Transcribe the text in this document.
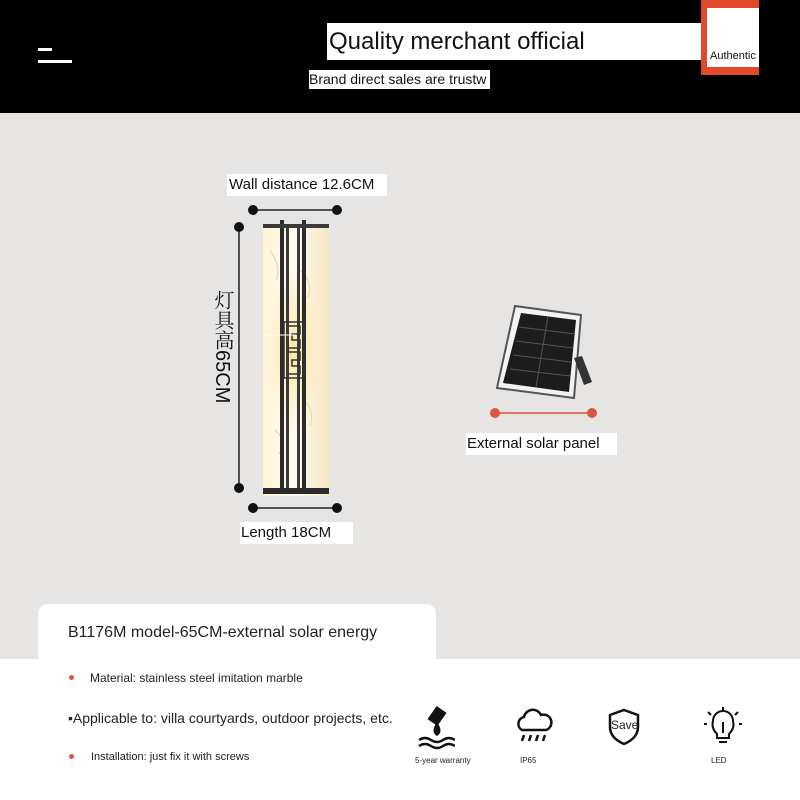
Quality merchant official
Authentic
Brand direct sales are trustw
Wall distance 12.6CM
灯具高65CM
Length 18CM
External solar panel
B1176M model-65CM-external solar energy
Material: stainless steel imitation marble
•Applicable to: villa courtyards, outdoor projects, etc.
Installation: just fix it with screws	5-year warranty	IP65
Save
LED
